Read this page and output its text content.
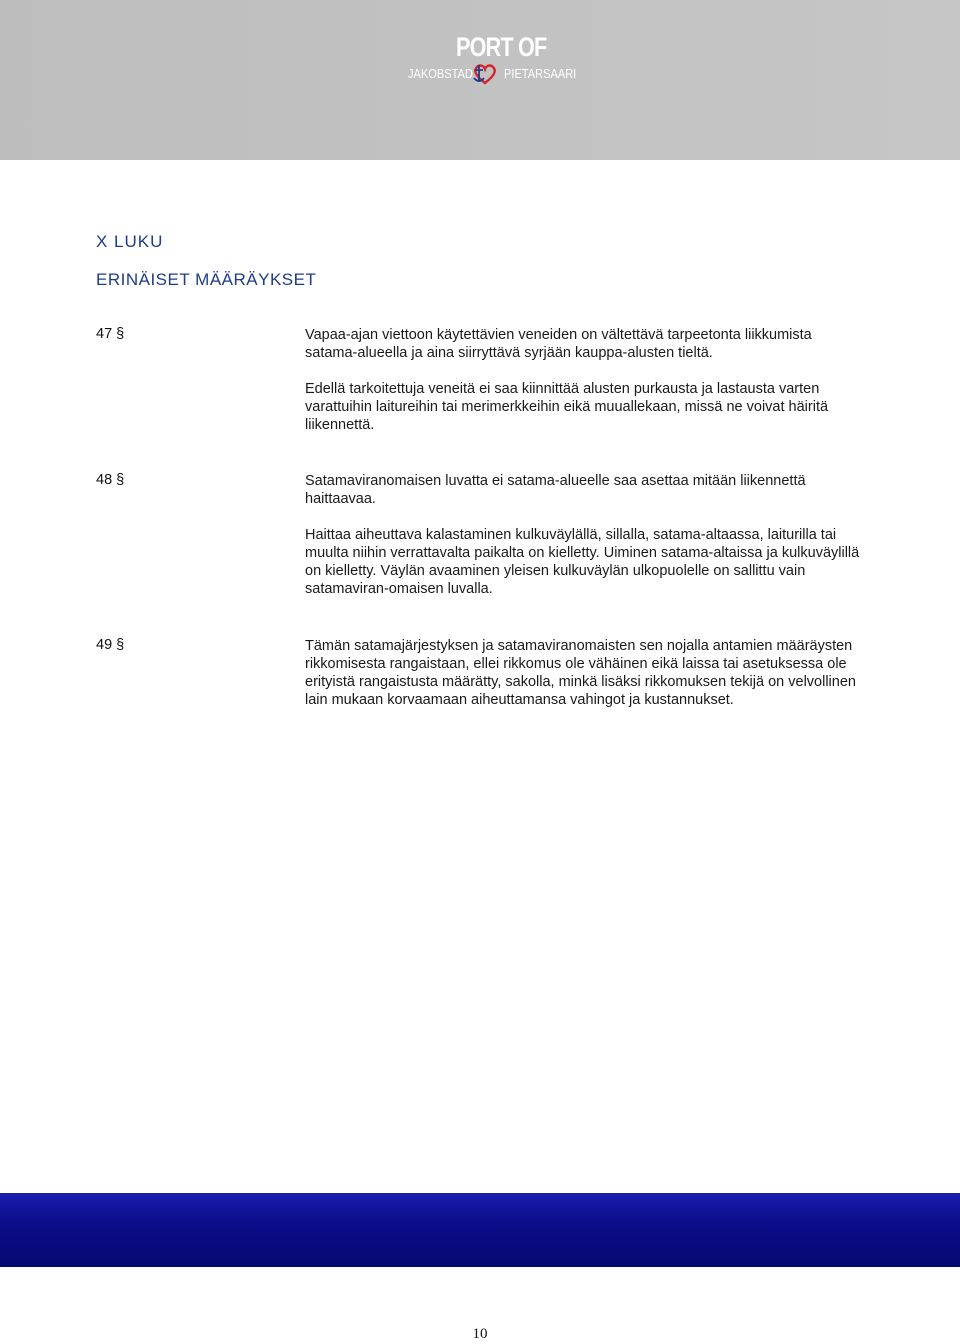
PORT OF
JAKOBSTAD PIETARSAARI
X LUKU
ERINÄISET MÄÄRÄYKSET
47 §	Vapaa-ajan viettoon käytettävien veneiden on vältettävä tarpeetonta liikkumista satama-alueella ja aina siirryttävä syrjään kauppa-alusten tieltä.

Edellä tarkoitettuja veneitä ei saa kiinnittää alusten purkausta ja lastausta varten varattuihin laitureihin tai merimerkkeihin eikä muuallekaan, missä ne voivat häiritä liikennettä.

48 §	Satamaviranomaisen luvatta ei satama-alueelle saa asettaa mitään liikennettä haittaavaa.

Haittaa aiheuttava kalastaminen kulkuväylällä, sillalla, satama-altaassa, laiturilla tai muulta niihin verrattavalta paikalta on kielletty. Uiminen satama-altaissa ja kulkuväylillä on kielletty. Väylän avaaminen yleisen kulkuväylän ulkopuolelle on sallittu vain satamaviran-omaisen luvalla.

49 §	Tämän satamajärjestyksen ja satamaviranomaisten sen nojalla antamien määräysten rikkomisesta rangaistaan, ellei rikkomus ole vähäinen eikä laissa tai asetuksessa ole erityistä rangaistusta määrätty, sakolla, minkä lisäksi rikkomuksen tekijä on velvollinen lain mukaan korvaamaan aiheuttamansa vahingot ja kustannukset.

10
